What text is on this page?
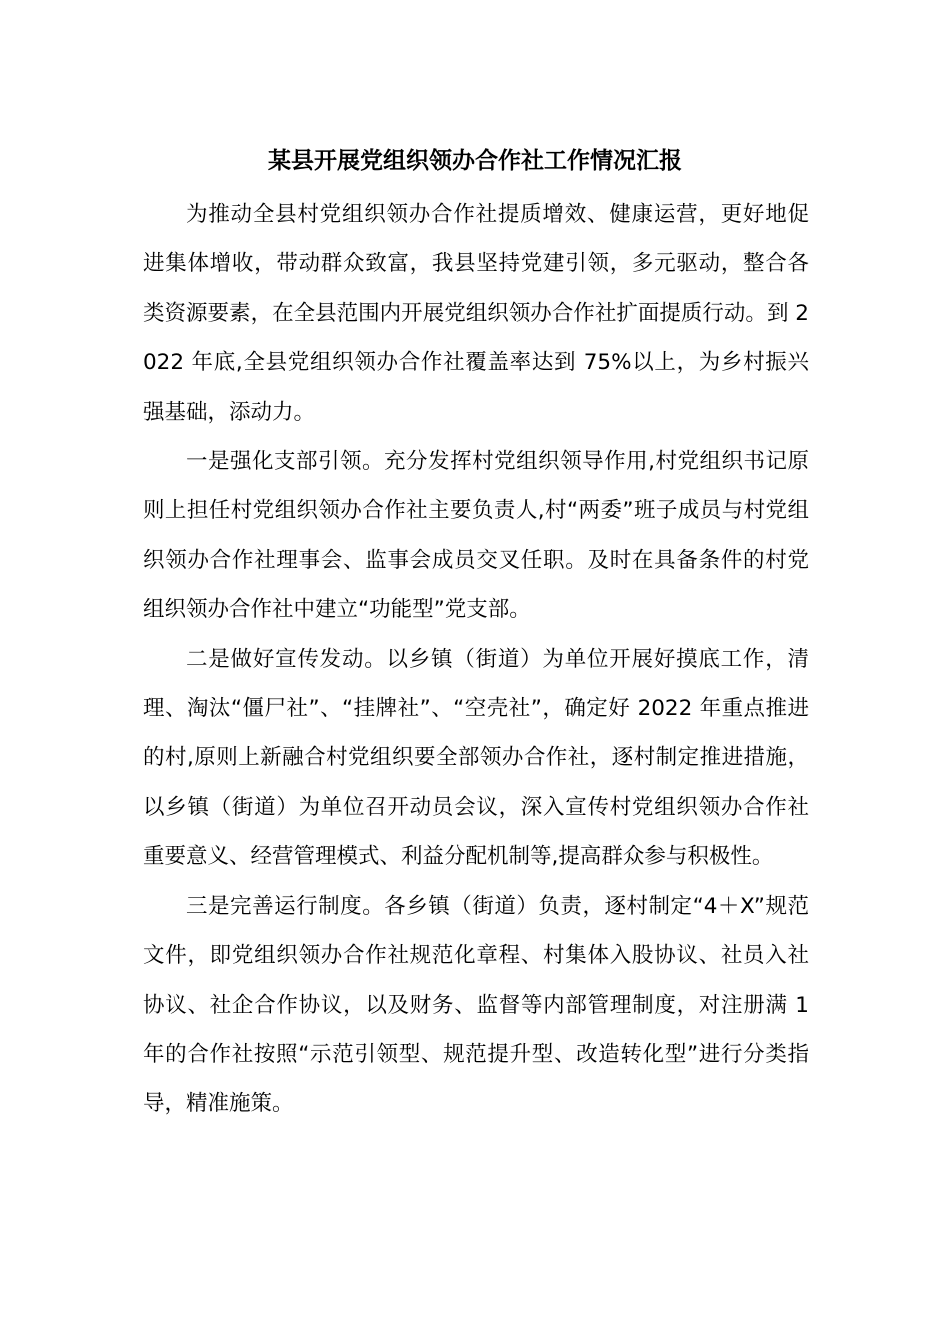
某县开展党组织领办合作社工作情况汇报

为推动全县村党组织领办合作社提质增效、健康运营，更好地促进集体增收，带动群众致富，我县坚持党建引领，多元驱动，整合各类资源要素，在全县范围内开展党组织领办合作社扩面提质行动。到 2022 年底,全县党组织领办合作社覆盖率达到 75%以上，为乡村振兴强基础，添动力。

一是强化支部引领。充分发挥村党组织领导作用,村党组织书记原则上担任村党组织领办合作社主要负责人,村“两委”班子成员与村党组织领办合作社理事会、监事会成员交叉任职。及时在具备条件的村党组织领办合作社中建立“功能型”党支部。

二是做好宣传发动。以乡镇（街道）为单位开展好摸底工作，清理、淘汰“僵尸社”、“挂牌社”、“空壳社”，确定好 2022 年重点推进的村,原则上新融合村党组织要全部领办合作社，逐村制定推进措施，以乡镇（街道）为单位召开动员会议，深入宣传村党组织领办合作社重要意义、经营管理模式、利益分配机制等,提高群众参与积极性。

三是完善运行制度。各乡镇（街道）负责，逐村制定“4＋X”规范文件，即党组织领办合作社规范化章程、村集体入股协议、社员入社协议、社企合作协议，以及财务、监督等内部管理制度，对注册满 1 年的合作社按照“示范引领型、规范提升型、改造转化型”进行分类指导，精准施策。
